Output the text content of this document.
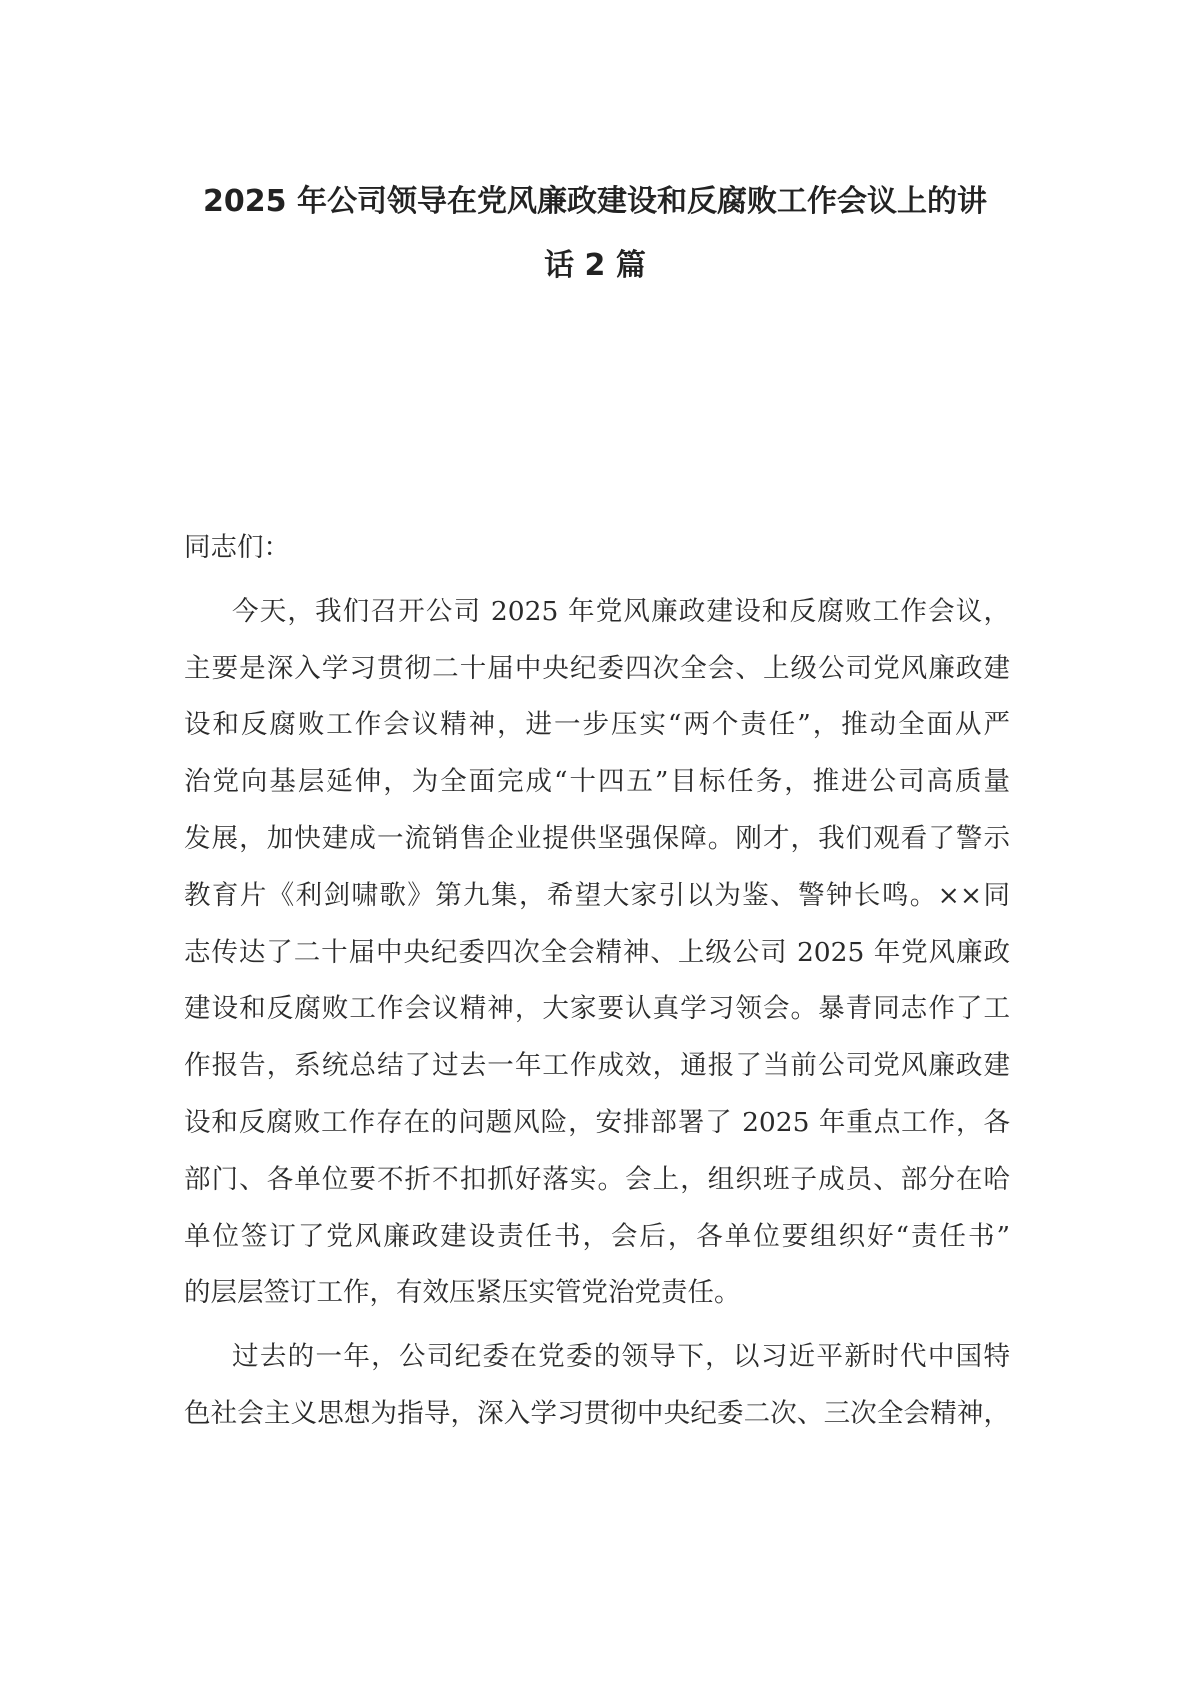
2025 年公司领导在党风廉政建设和反腐败工作会议上的讲
话 2 篇
同志们：
今天，我们召开公司 2025 年党风廉政建设和反腐败工作会议，
主要是深入学习贯彻二十届中央纪委四次全会、上级公司党风廉政建
设和反腐败工作会议精神，进一步压实“两个责任”，推动全面从严
治党向基层延伸，为全面完成“十四五”目标任务，推进公司高质量
发展，加快建成一流销售企业提供坚强保障。刚才，我们观看了警示
教育片《利剑啸歌》第九集，希望大家引以为鉴、警钟长鸣。××同
志传达了二十届中央纪委四次全会精神、上级公司 2025 年党风廉政
建设和反腐败工作会议精神，大家要认真学习领会。暴青同志作了工
作报告，系统总结了过去一年工作成效，通报了当前公司党风廉政建
设和反腐败工作存在的问题风险，安排部署了 2025 年重点工作，各
部门、各单位要不折不扣抓好落实。会上，组织班子成员、部分在哈
单位签订了党风廉政建设责任书，会后，各单位要组织好“责任书”
的层层签订工作，有效压紧压实管党治党责任。
过去的一年，公司纪委在党委的领导下，以习近平新时代中国特
色社会主义思想为指导，深入学习贯彻中央纪委二次、三次全会精神，
